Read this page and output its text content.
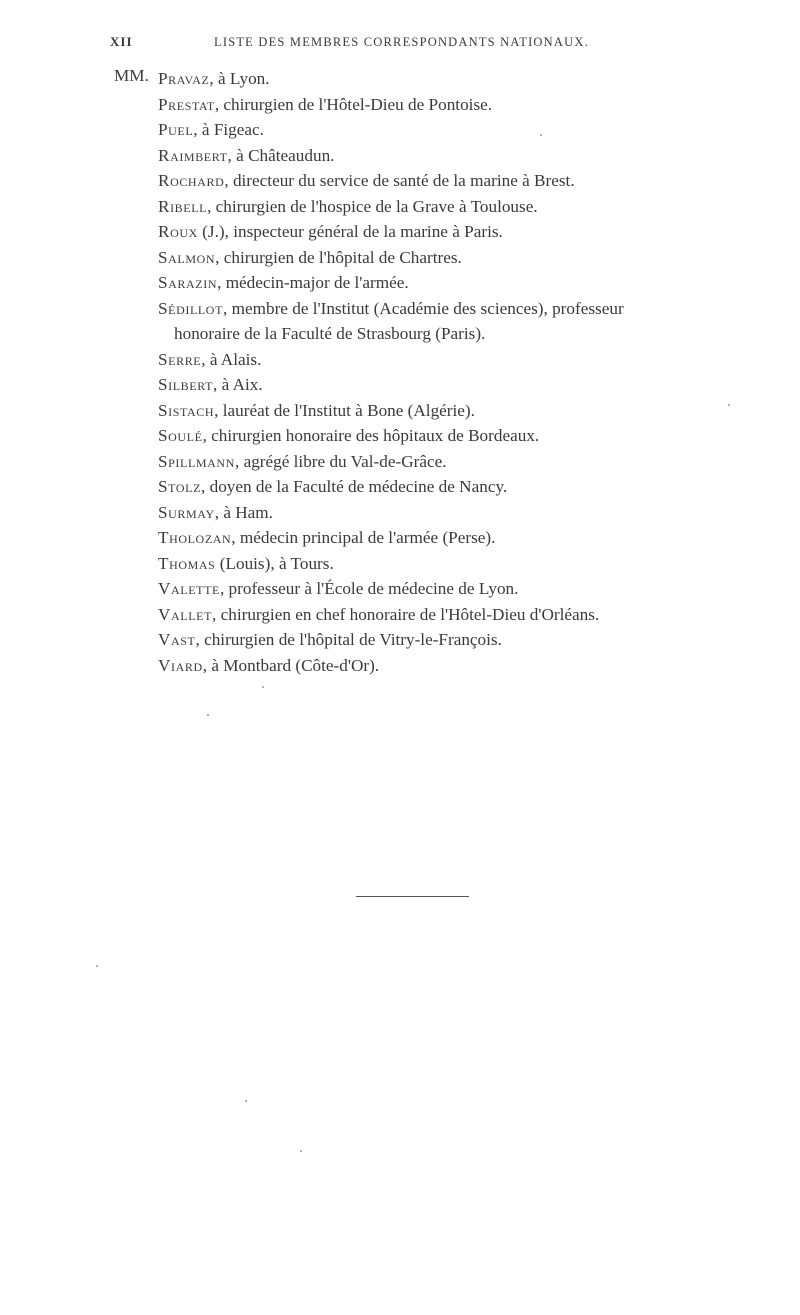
XII	LISTE DES MEMBRES CORRESPONDANTS NATIONAUX.
MM. Pravaz, à Lyon.
Prestat, chirurgien de l'Hôtel-Dieu de Pontoise.
Puel, à Figeac.
Raimbert, à Châteaudun.
Rochard, directeur du service de santé de la marine à Brest.
Ribell, chirurgien de l'hospice de la Grave à Toulouse.
Roux (J.), inspecteur général de la marine à Paris.
Salmon, chirurgien de l'hôpital de Chartres.
Sarazin, médecin-major de l'armée.
Sédillot, membre de l'Institut (Académie des sciences), professeur
honoraire de la Faculté de Strasbourg (Paris).
Serre, à Alais.
Silbert, à Aix.
Sistach, lauréat de l'Institut à Bone (Algérie).
Soulé, chirurgien honoraire des hôpitaux de Bordeaux.
Spillmann, agrégé libre du Val-de-Grâce.
Stolz, doyen de la Faculté de médecine de Nancy.
Surmay, à Ham.
Tholozan, médecin principal de l'armée (Perse).
Thomas (Louis), à Tours.
Valette, professeur à l'École de médecine de Lyon.
Vallet, chirurgien en chef honoraire de l'Hôtel-Dieu d'Orléans.
Vast, chirurgien de l'hôpital de Vitry-le-François.
Viard, à Montbard (Côte-d'Or).
